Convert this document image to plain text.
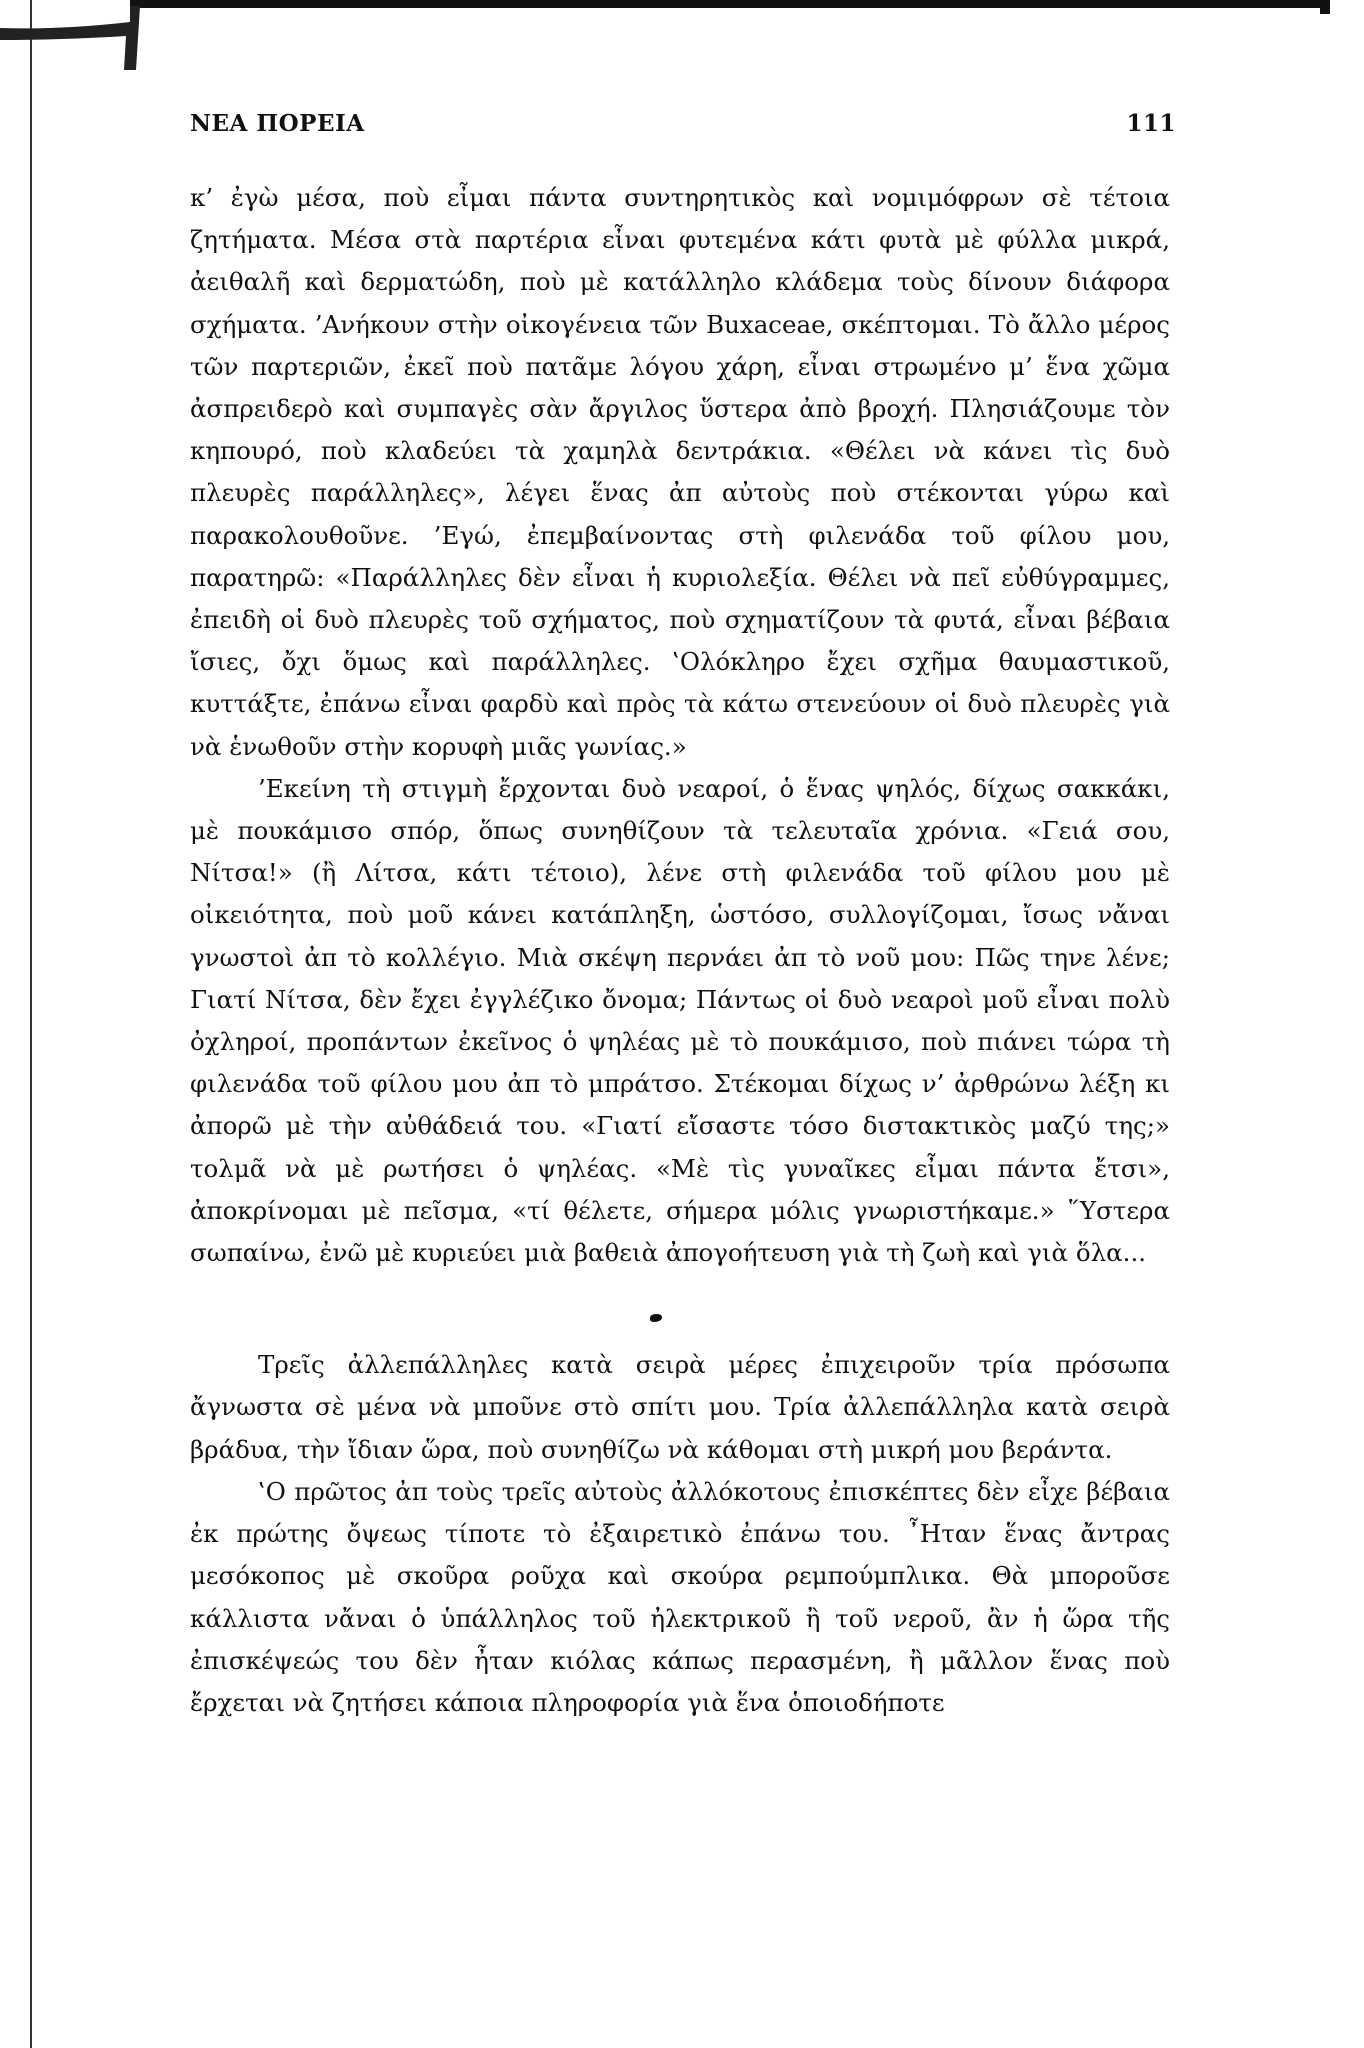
ΝΕΑ ΠΟΡΕΙΑ	111

κ’ ἐγὼ μέσα, ποὺ εἶμαι πάντα συντηρητικὸς καὶ νομιμόφρων σὲ τέτοια ζητήματα. Μέσα στὰ παρτέρια εἶναι φυτεμένα κάτι φυτὰ μὲ φύλλα μικρά, ἀειθαλῆ καὶ δερματώδη, ποὺ μὲ κατάλληλο κλάδεμα τοὺς δίνουν διάφορα σχήματα. ’Ανήκουν στὴν οἰκογένεια τῶν Buxaceae, σκέπτομαι. Τὸ ἄλλο μέρος τῶν παρτεριῶν, ἐκεῖ ποὺ πατᾶμε λόγου χάρη, εἶναι στρωμένο μ’ ἕνα χῶμα ἀσπρειδερὸ καὶ συμπαγὲς σὰν ἄργιλος ὕστερα ἀπὸ βροχή. Πλησιάζουμε τὸν κηπουρό, ποὺ κλαδεύει τὰ χαμηλὰ δεντράκια. «Θέλει νὰ κάνει τὶς δυὸ πλευρὲς παράλληλες», λέγει ἕνας ἀπ αὐτοὺς ποὺ στέκονται γύρω καὶ παρακολουθοῦνε. ’Εγώ, ἐπεμβαίνοντας στὴ φιλενάδα τοῦ φίλου μου, παρατηρῶ: «Παράλληλες δὲν εἶναι ἡ κυριολεξία. Θέλει νὰ πεῖ εὐθύγραμμες, ἐπειδὴ οἱ δυὸ πλευρὲς τοῦ σχήματος, ποὺ σχηματίζουν τὰ φυτά, εἶναι βέβαια ἴσιες, ὄχι ὅμως καὶ παράλληλες. ‛Ολόκληρο ἔχει σχῆμα θαυμαστικοῦ, κυττάξτε, ἐπάνω εἶναι φαρδὺ καὶ πρὸς τὰ κάτω στενεύουν οἱ δυὸ πλευρὲς γιὰ νὰ ἑνωθοῦν στὴν κορυφὴ μιᾶς γωνίας.»

’Εκείνη τὴ στιγμὴ ἔρχονται δυὸ νεαροί, ὁ ἕνας ψηλός, δίχως σακκάκι, μὲ πουκάμισο σπόρ, ὅπως συνηθίζουν τὰ τελευταῖα χρόνια. «Γειά σου, Νίτσα!» (ἢ Λίτσα, κάτι τέτοιο), λένε στὴ φιλενάδα τοῦ φίλου μου μὲ οἰκειότητα, ποὺ μοῦ κάνει κατάπληξη, ὡστόσο, συλλογίζομαι, ἴσως νἄναι γνωστοὶ ἀπ τὸ κολλέγιο. Μιὰ σκέψη περνάει ἀπ τὸ νοῦ μου: Πῶς τηνε λένε; Γιατί Νίτσα, δὲν ἔχει ἐγγλέζικο ὄνομα; Πάντως οἱ δυὸ νεαροὶ μοῦ εἶναι πολὺ ὀχληροί, προπάντων ἐκεῖνος ὁ ψηλέας μὲ τὸ πουκάμισο, ποὺ πιάνει τώρα τὴ φιλενάδα τοῦ φίλου μου ἀπ τὸ μπράτσο. Στέκομαι δίχως ν’ ἀρθρώνω λέξη κι ἀπορῶ μὲ τὴν αὐθάδειά του. «Γιατί εἴσαστε τόσο διστακτικὸς μαζύ της;» τολμᾶ νὰ μὲ ρωτήσει ὁ ψηλέας. «Μὲ τὶς γυναῖκες εἶμαι πάντα ἔτσι», ἀποκρίνομαι μὲ πεῖσμα, «τί θέλετε, σήμερα μόλις γνωριστήκαμε.» ῞Υστερα σωπαίνω, ἐνῶ μὲ κυριεύει μιὰ βαθειὰ ἀπογοήτευση γιὰ τὴ ζωὴ καὶ γιὰ ὅλα...

Τρεῖς ἀλλεπάλληλες κατὰ σειρὰ μέρες ἐπιχειροῦν τρία πρόσωπα ἄγνωστα σὲ μένα νὰ μποῦνε στὸ σπίτι μου. Τρία ἀλλεπάλληλα κατὰ σειρὰ βράδυα, τὴν ἴδιαν ὥρα, ποὺ συνηθίζω νὰ κάθομαι στὴ μικρή μου βεράντα.

‛Ο πρῶτος ἀπ τοὺς τρεῖς αὐτοὺς ἀλλόκοτους ἐπισκέπτες δὲν εἶχε βέβαια ἐκ πρώτης ὄψεως τίποτε τὸ ἐξαιρετικὸ ἐπάνω του. ῏Ηταν ἕνας ἄντρας μεσόκοπος μὲ σκοῦρα ροῦχα καὶ σκούρα ρεμπούμπλικα. Θὰ μποροῦσε κάλλιστα νἄναι ὁ ὑπάλληλος τοῦ ἠλεκτρικοῦ ἢ τοῦ νεροῦ, ἂν ἡ ὥρα τῆς ἐπισκέψεώς του δὲν ἦταν κιόλας κάπως περασμένη, ἢ μᾶλλον ἕνας ποὺ ἔρχεται νὰ ζητήσει κάποια πληροφορία γιὰ ἕνα ὁποιοδήποτε
